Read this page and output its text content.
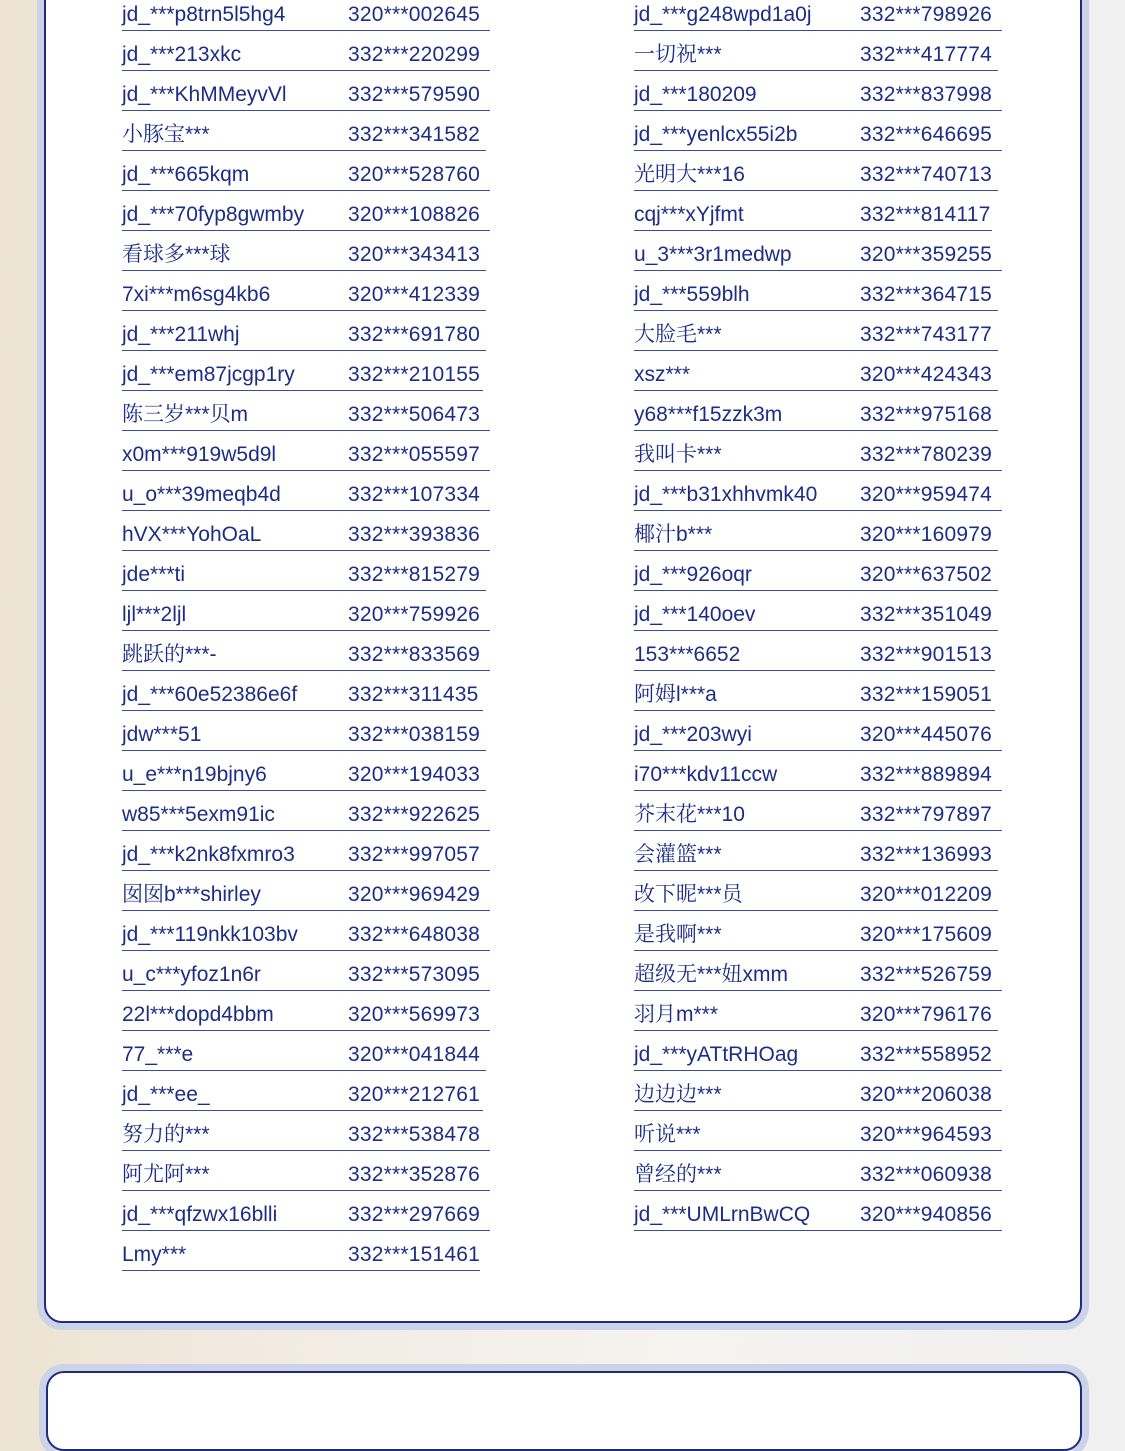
jd_***p8trn5l5hg4	320***002645
jd_***213xkc	332***220299
jd_***KhMMeyvVl	332***579590
小豚宝***	332***341582
jd_***665kqm	320***528760
jd_***70fyp8gwmby 320***108826
看球多***球	320***343413
7xi***m6sg4kb6	320***412339
jd_***211whj	332***691780
jd_***em87jcgp1ry	332***210155
陈三岁***贝m	332***506473
x0m***919w5d9l	332***055597
u_o***39meqb4d	332***107334
hVX***YohOaL	332***393836
jde***ti	332***815279
ljl***2ljl	320***759926
跳跃的***-	332***833569
jd_***60e52386e6f 332***311435
jdw***51	332***038159
u_e***n19bjny6	320***194033
w85***5exm91ic	332***922625
jd_***k2nk8fxmro3	332***997057
囡囡b***shirley	320***969429
jd_***119nkk103bv 332***648038
u_c***yfoz1n6r	332***573095
22l***dopd4bbm	320***569973
77_***e	320***041844
jd_***ee_	320***212761
努力的***	332***538478
阿尤阿***	332***352876
jd_***qfzwx16blli	332***297669
Lmy***	332***151461
jd_***g248wpd1a0j 332***798926
一切祝***	332***417774
jd_***180209	332***837998
jd_***yenlcx55i2b	332***646695
光明大***16	332***740713
cqj***xYjfmt	332***814117
u_3***3r1medwp	320***359255
jd_***559blh	332***364715
大脸毛***	332***743177
xsz***	320***424343
y68***f15zzk3m	332***975168
我叫卡***	332***780239
jd_***b31xhhvmk40 320***959474
椰汁b***	320***160979
jd_***926oqr	320***637502
jd_***140oev	332***351049
153***6652	332***901513
阿姆l***a	332***159051
jd_***203wyi	320***445076
i70***kdv11ccw	332***889894
芥末花***10	332***797897
会灌篮***	332***136993
改下昵***员	320***012209
是我啊***	320***175609
超级无***妞xmm	332***526759
羽月m***	320***796176
jd_***yATtRHOag	332***558952
边边边***	320***206038
听说***	320***964593
曾经的***	332***060938
jd_***UMLrnBwCQ 320***940856
